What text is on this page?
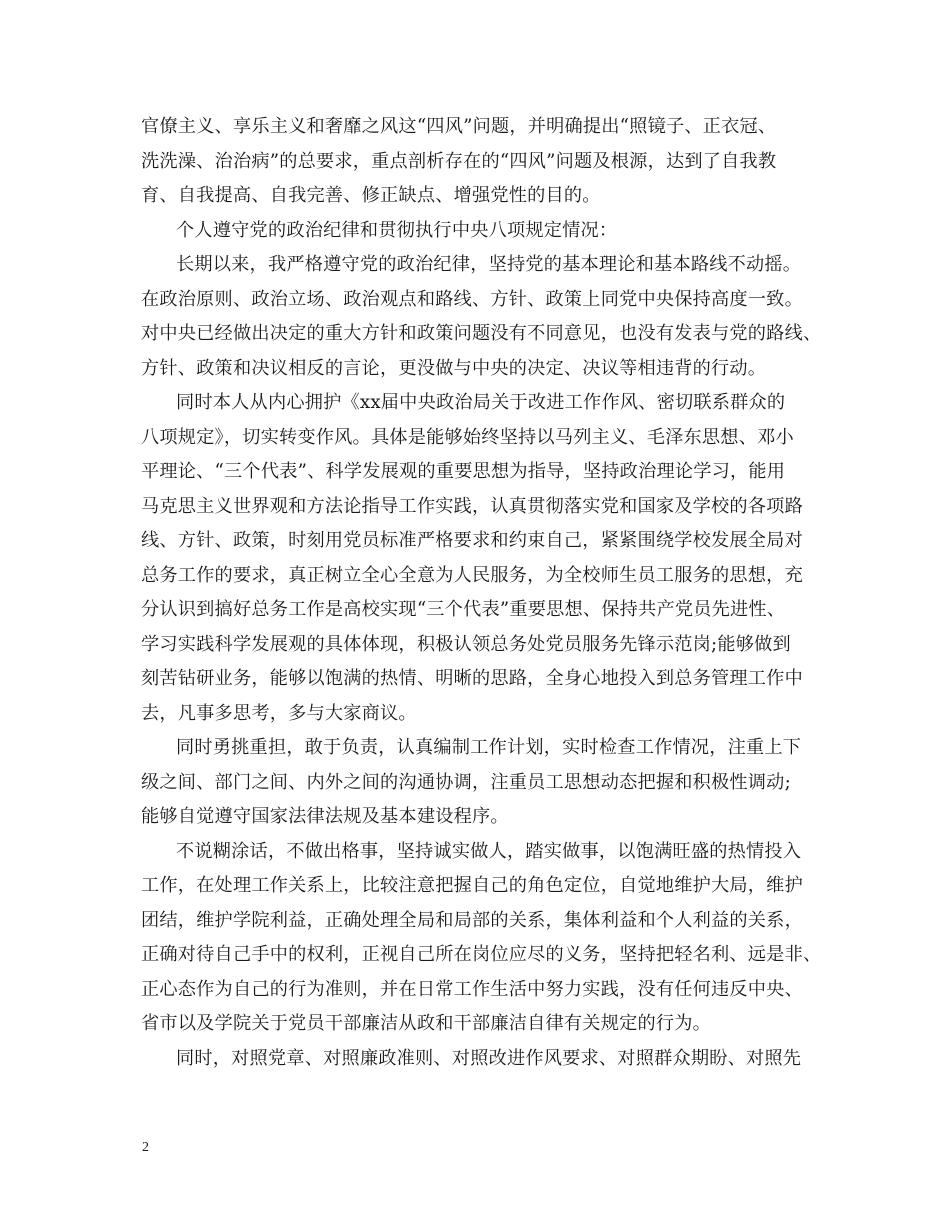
官僚主义、享乐主义和奢靡之风这“四风”问题，并明确提出“照镜子、正衣冠、
洗洗澡、治治病”的总要求，重点剖析存在的“四风”问题及根源，达到了自我教
育、自我提高、自我完善、修正缺点、增强党性的目的。
个人遵守党的政治纪律和贯彻执行中央八项规定情况：
长期以来，我严格遵守党的政治纪律，坚持党的基本理论和基本路线不动摇。
在政治原则、政治立场、政治观点和路线、方针、政策上同党中央保持高度一致。
对中央已经做出决定的重大方针和政策问题没有不同意见，也没有发表与党的路线、
方针、政策和决议相反的言论，更没做与中央的决定、决议等相违背的行动。
同时本人从内心拥护《xx届中央政治局关于改进工作作风、密切联系群众的
八项规定》，切实转变作风。具体是能够始终坚持以马列主义、毛泽东思想、邓小
平理论、“三个代表”、科学发展观的重要思想为指导，坚持政治理论学习，能用
马克思主义世界观和方法论指导工作实践，认真贯彻落实党和国家及学校的各项路
线、方针、政策，时刻用党员标准严格要求和约束自己，紧紧围绕学校发展全局对
总务工作的要求，真正树立全心全意为人民服务，为全校师生员工服务的思想，充
分认识到搞好总务工作是高校实现“三个代表”重要思想、保持共产党员先进性、
学习实践科学发展观的具体体现，积极认领总务处党员服务先锋示范岗;能够做到
刻苦钻研业务，能够以饱满的热情、明晰的思路，全身心地投入到总务管理工作中
去，凡事多思考，多与大家商议。
同时勇挑重担，敢于负责，认真编制工作计划，实时检查工作情况，注重上下
级之间、部门之间、内外之间的沟通协调，注重员工思想动态把握和积极性调动;
能够自觉遵守国家法律法规及基本建设程序。
不说糊涂话，不做出格事，坚持诚实做人，踏实做事，以饱满旺盛的热情投入
工作，在处理工作关系上，比较注意把握自己的角色定位，自觉地维护大局，维护
团结，维护学院利益，正确处理全局和局部的关系，集体利益和个人利益的关系，
正确对待自己手中的权利，正视自己所在岗位应尽的义务，坚持把轻名利、远是非、
正心态作为自己的行为准则，并在日常工作生活中努力实践，没有任何违反中央、
省市以及学院关于党员干部廉洁从政和干部廉洁自律有关规定的行为。
同时，对照党章、对照廉政准则、对照改进作风要求、对照群众期盼、对照先
2
